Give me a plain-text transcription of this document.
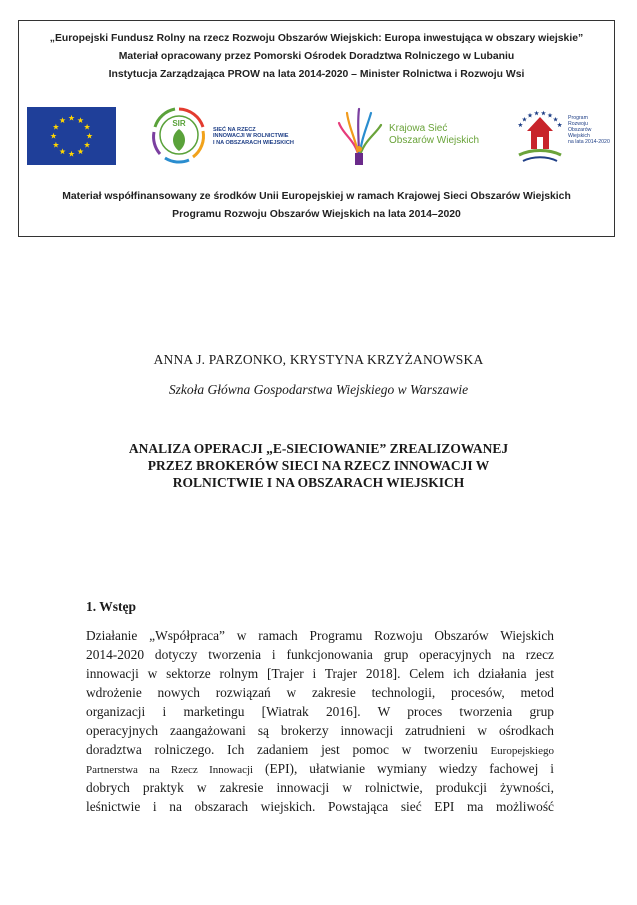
„Europejski Fundusz Rolny na rzecz Rozwoju Obszarów Wiejskich: Europa inwestująca w obszary wiejskie”
Materiał opracowany przez Pomorski Ośrodek Doradztwa Rolniczego w Lubaniu
Instytucja Zarządzająca PROW na lata 2014-2020 – Minister Rolnictwa i Rozwoju Wsi
SIR
SIEĆ NA RZECZ
INNOWACJI W ROLNICTWIE
I NA OBSZARACH WIEJSKICH
Krajowa Sieć
Obszarów Wiejskich
Program
Rozwoju
Obszarów
Wiejskich
na lata 2014-2020
Materiał współfinansowany ze środków Unii Europejskiej w ramach Krajowej Sieci Obszarów Wiejskich
Programu Rozwoju Obszarów Wiejskich na lata 2014–2020
ANNA J. PARZONKO, KRYSTYNA KRZYŻANOWSKA
Szkoła Główna Gospodarstwa Wiejskiego w Warszawie
ANALIZA OPERACJI „E-SIECIOWANIE” ZREALIZOWANEJ
PRZEZ BROKERÓW SIECI NA RZECZ INNOWACJI W
ROLNICTWIE I NA OBSZARACH WIEJSKICH
1. Wstęp
Działanie „Współpraca” w ramach Programu Rozwoju Obszarów Wiejskich
2014-2020 dotyczy tworzenia i funkcjonowania grup operacyjnych na rzecz
innowacji w sektorze rolnym [Trajer i Trajer 2018]. Celem ich działania jest
wdrożenie nowych rozwiązań w zakresie technologii, procesów, metod
organizacji i marketingu [Wiatrak 2016]. W proces tworzenia grup
operacyjnych zaangażowani są brokerzy innowacji zatrudnieni w ośrodkach
doradztwa rolniczego. Ich zadaniem jest pomoc w tworzeniu Europejskiego
Partnerstwa na Rzecz Innowacji (EPI), ułatwianie wymiany wiedzy fachowej i
dobrych praktyk w zakresie innowacji w rolnictwie, produkcji żywności,
leśnictwie i na obszarach wiejskich. Powstająca sieć EPI ma możliwość
